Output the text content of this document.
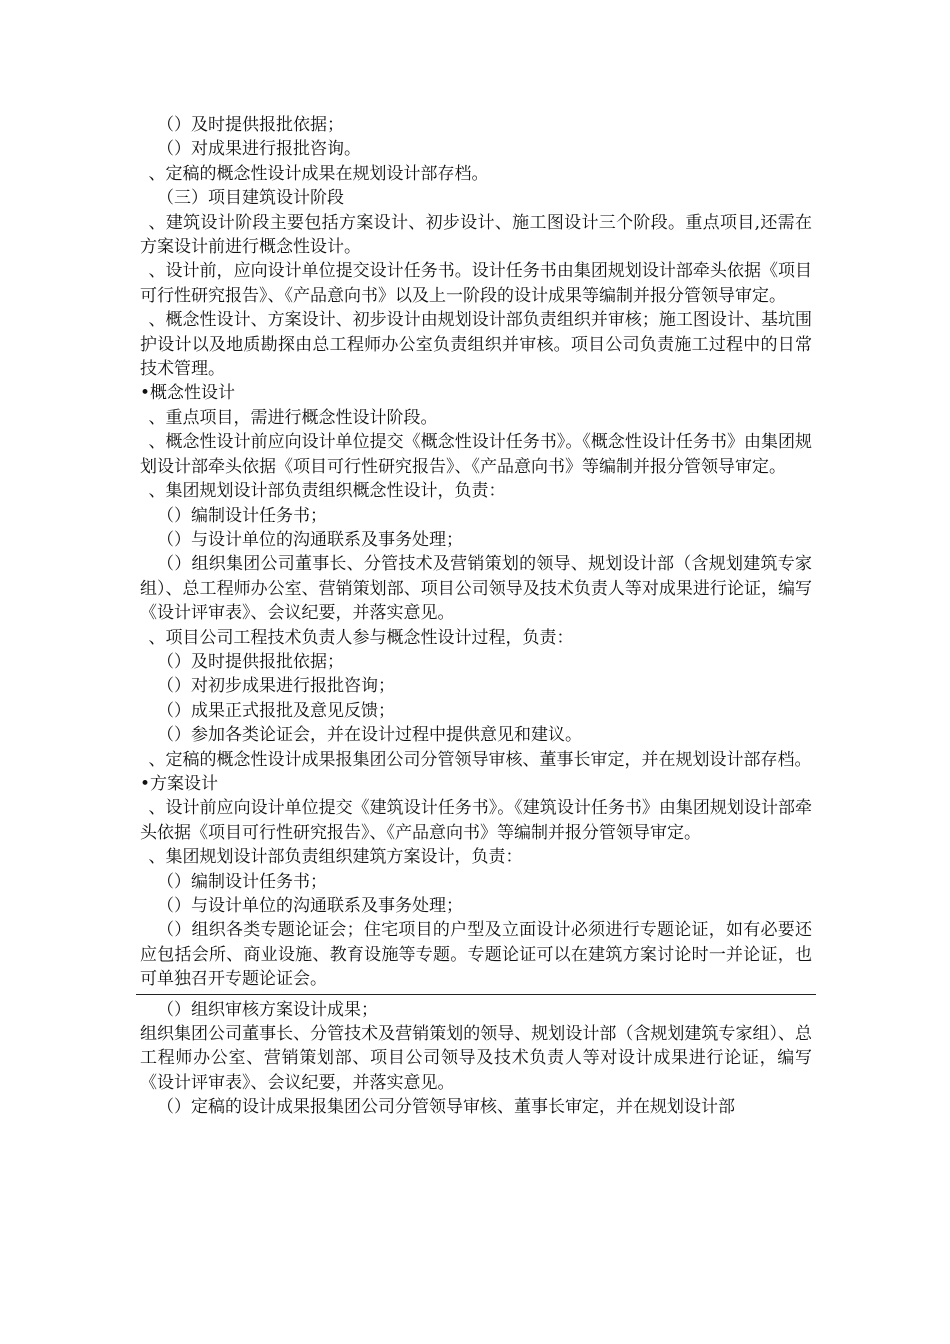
（）及时提供报批依据；

（）对成果进行报批咨询。

、定稿的概念性设计成果在规划设计部存档。

（三）项目建筑设计阶段

、建筑设计阶段主要包括方案设计、初步设计、施工图设计三个阶段。重点项目,还需在方案设计前进行概念性设计。

、设计前，应向设计单位提交设计任务书。设计任务书由集团规划设计部牵头依据《项目可行性研究报告》、《产品意向书》以及上一阶段的设计成果等编制并报分管领导审定。

、概念性设计、方案设计、初步设计由规划设计部负责组织并审核；施工图设计、基坑围护设计以及地质勘探由总工程师办公室负责组织并审核。项目公司负责施工过程中的日常技术管理。

•概念性设计

、重点项目，需进行概念性设计阶段。

、概念性设计前应向设计单位提交《概念性设计任务书》。《概念性设计任务书》由集团规划设计部牵头依据《项目可行性研究报告》、《产品意向书》等编制并报分管领导审定。

、集团规划设计部负责组织概念性设计，负责：

（）编制设计任务书；

（）与设计单位的沟通联系及事务处理；

（）组织集团公司董事长、分管技术及营销策划的领导、规划设计部（含规划建筑专家组）、总工程师办公室、营销策划部、项目公司领导及技术负责人等对成果进行论证，编写《设计评审表》、会议纪要，并落实意见。

、项目公司工程技术负责人参与概念性设计过程，负责：

（）及时提供报批依据；

（）对初步成果进行报批咨询；

（）成果正式报批及意见反馈；

（）参加各类论证会，并在设计过程中提供意见和建议。

、定稿的概念性设计成果报集团公司分管领导审核、董事长审定，并在规划设计部存档。

•方案设计

、设计前应向设计单位提交《建筑设计任务书》。《建筑设计任务书》由集团规划设计部牵头依据《项目可行性研究报告》、《产品意向书》等编制并报分管领导审定。

、集团规划设计部负责组织建筑方案设计，负责：

（）编制设计任务书；

（）与设计单位的沟通联系及事务处理；

（）组织各类专题论证会；住宅项目的户型及立面设计必须进行专题论证，如有必要还应包括会所、商业设施、教育设施等专题。专题论证可以在建筑方案讨论时一并论证，也可单独召开专题论证会。

（）组织审核方案设计成果；

组织集团公司董事长、分管技术及营销策划的领导、规划设计部（含规划建筑专家组）、总工程师办公室、营销策划部、项目公司领导及技术负责人等对设计成果进行论证，编写《设计评审表》、会议纪要，并落实意见。

（）定稿的设计成果报集团公司分管领导审核、董事长审定，并在规划设计部
